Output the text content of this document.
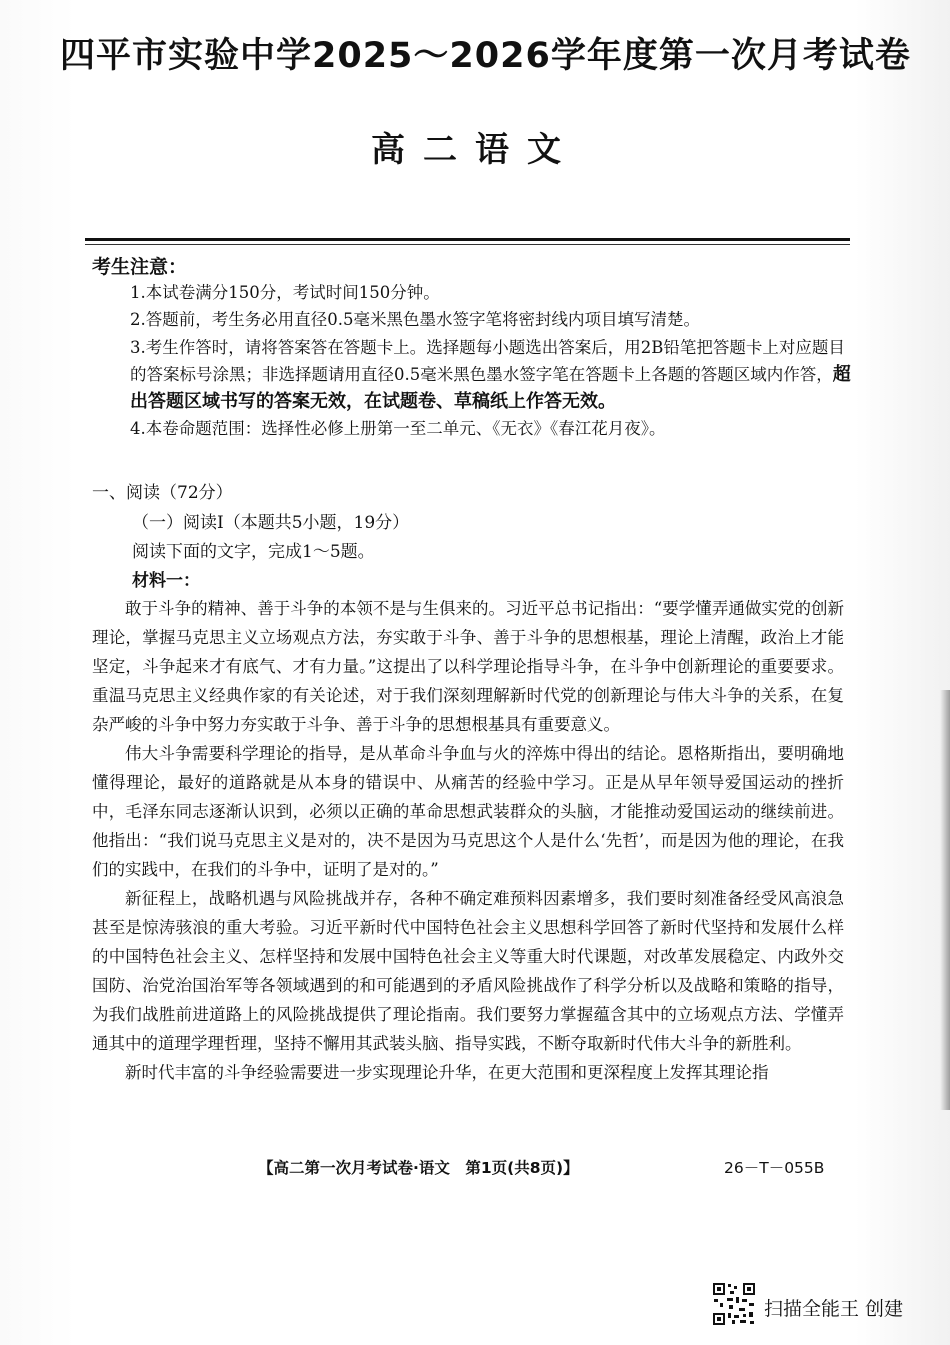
四平市实验中学2025～2026学年度第一次月考试卷
高二语文
考生注意：
1.本试卷满分150分，考试时间150分钟。
2.答题前，考生务必用直径0.5毫米黑色墨水签字笔将密封线内项目填写清楚。
3.考生作答时，请将答案答在答题卡上。选择题每小题选出答案后，用2B铅笔把答题卡上对应题目的答案标号涂黑；非选择题请用直径0.5毫米黑色墨水签字笔在答题卡上各题的答题区域内作答，超出答题区域书写的答案无效，在试题卷、草稿纸上作答无效。
4.本卷命题范围：选择性必修上册第一至二单元、《无衣》《春江花月夜》。
一、阅读（72分）
（一）阅读Ⅰ（本题共5小题，19分）
阅读下面的文字，完成1～5题。
材料一：

敢于斗争的精神、善于斗争的本领不是与生俱来的。习近平总书记指出：“要学懂弄通做实党的创新理论，掌握马克思主义立场观点方法，夯实敢于斗争、善于斗争的思想根基，理论上清醒，政治上才能坚定，斗争起来才有底气、才有力量。”这提出了以科学理论指导斗争，在斗争中创新理论的重要要求。重温马克思主义经典作家的有关论述，对于我们深刻理解新时代党的创新理论与伟大斗争的关系，在复杂严峻的斗争中努力夯实敢于斗争、善于斗争的思想根基具有重要意义。

伟大斗争需要科学理论的指导，是从革命斗争血与火的淬炼中得出的结论。恩格斯指出，要明确地懂得理论，最好的道路就是从本身的错误中、从痛苦的经验中学习。正是从早年领导爱国运动的挫折中，毛泽东同志逐渐认识到，必须以正确的革命思想武装群众的头脑，才能推动爱国运动的继续前进。他指出：“我们说马克思主义是对的，决不是因为马克思这个人是什么‘先哲’，而是因为他的理论，在我们的实践中，在我们的斗争中，证明了是对的。”

新征程上，战略机遇与风险挑战并存，各种不确定难预料因素增多，我们要时刻准备经受风高浪急甚至是惊涛骇浪的重大考验。习近平新时代中国特色社会主义思想科学回答了新时代坚持和发展什么样的中国特色社会主义、怎样坚持和发展中国特色社会主义等重大时代课题，对改革发展稳定、内政外交国防、治党治国治军等各领域遇到的和可能遇到的矛盾风险挑战作了科学分析以及战略和策略的指导，为我们战胜前进道路上的风险挑战提供了理论指南。我们要努力掌握蕴含其中的立场观点方法、学懂弄通其中的道理学理哲理，坚持不懈用其武装头脑、指导实践，不断夺取新时代伟大斗争的新胜利。

新时代丰富的斗争经验需要进一步实现理论升华，在更大范围和更深程度上发挥其理论指

【高二第一次月考试卷·语文　第1页(共8页)】	26－T－055B
扫描全能王 创建
